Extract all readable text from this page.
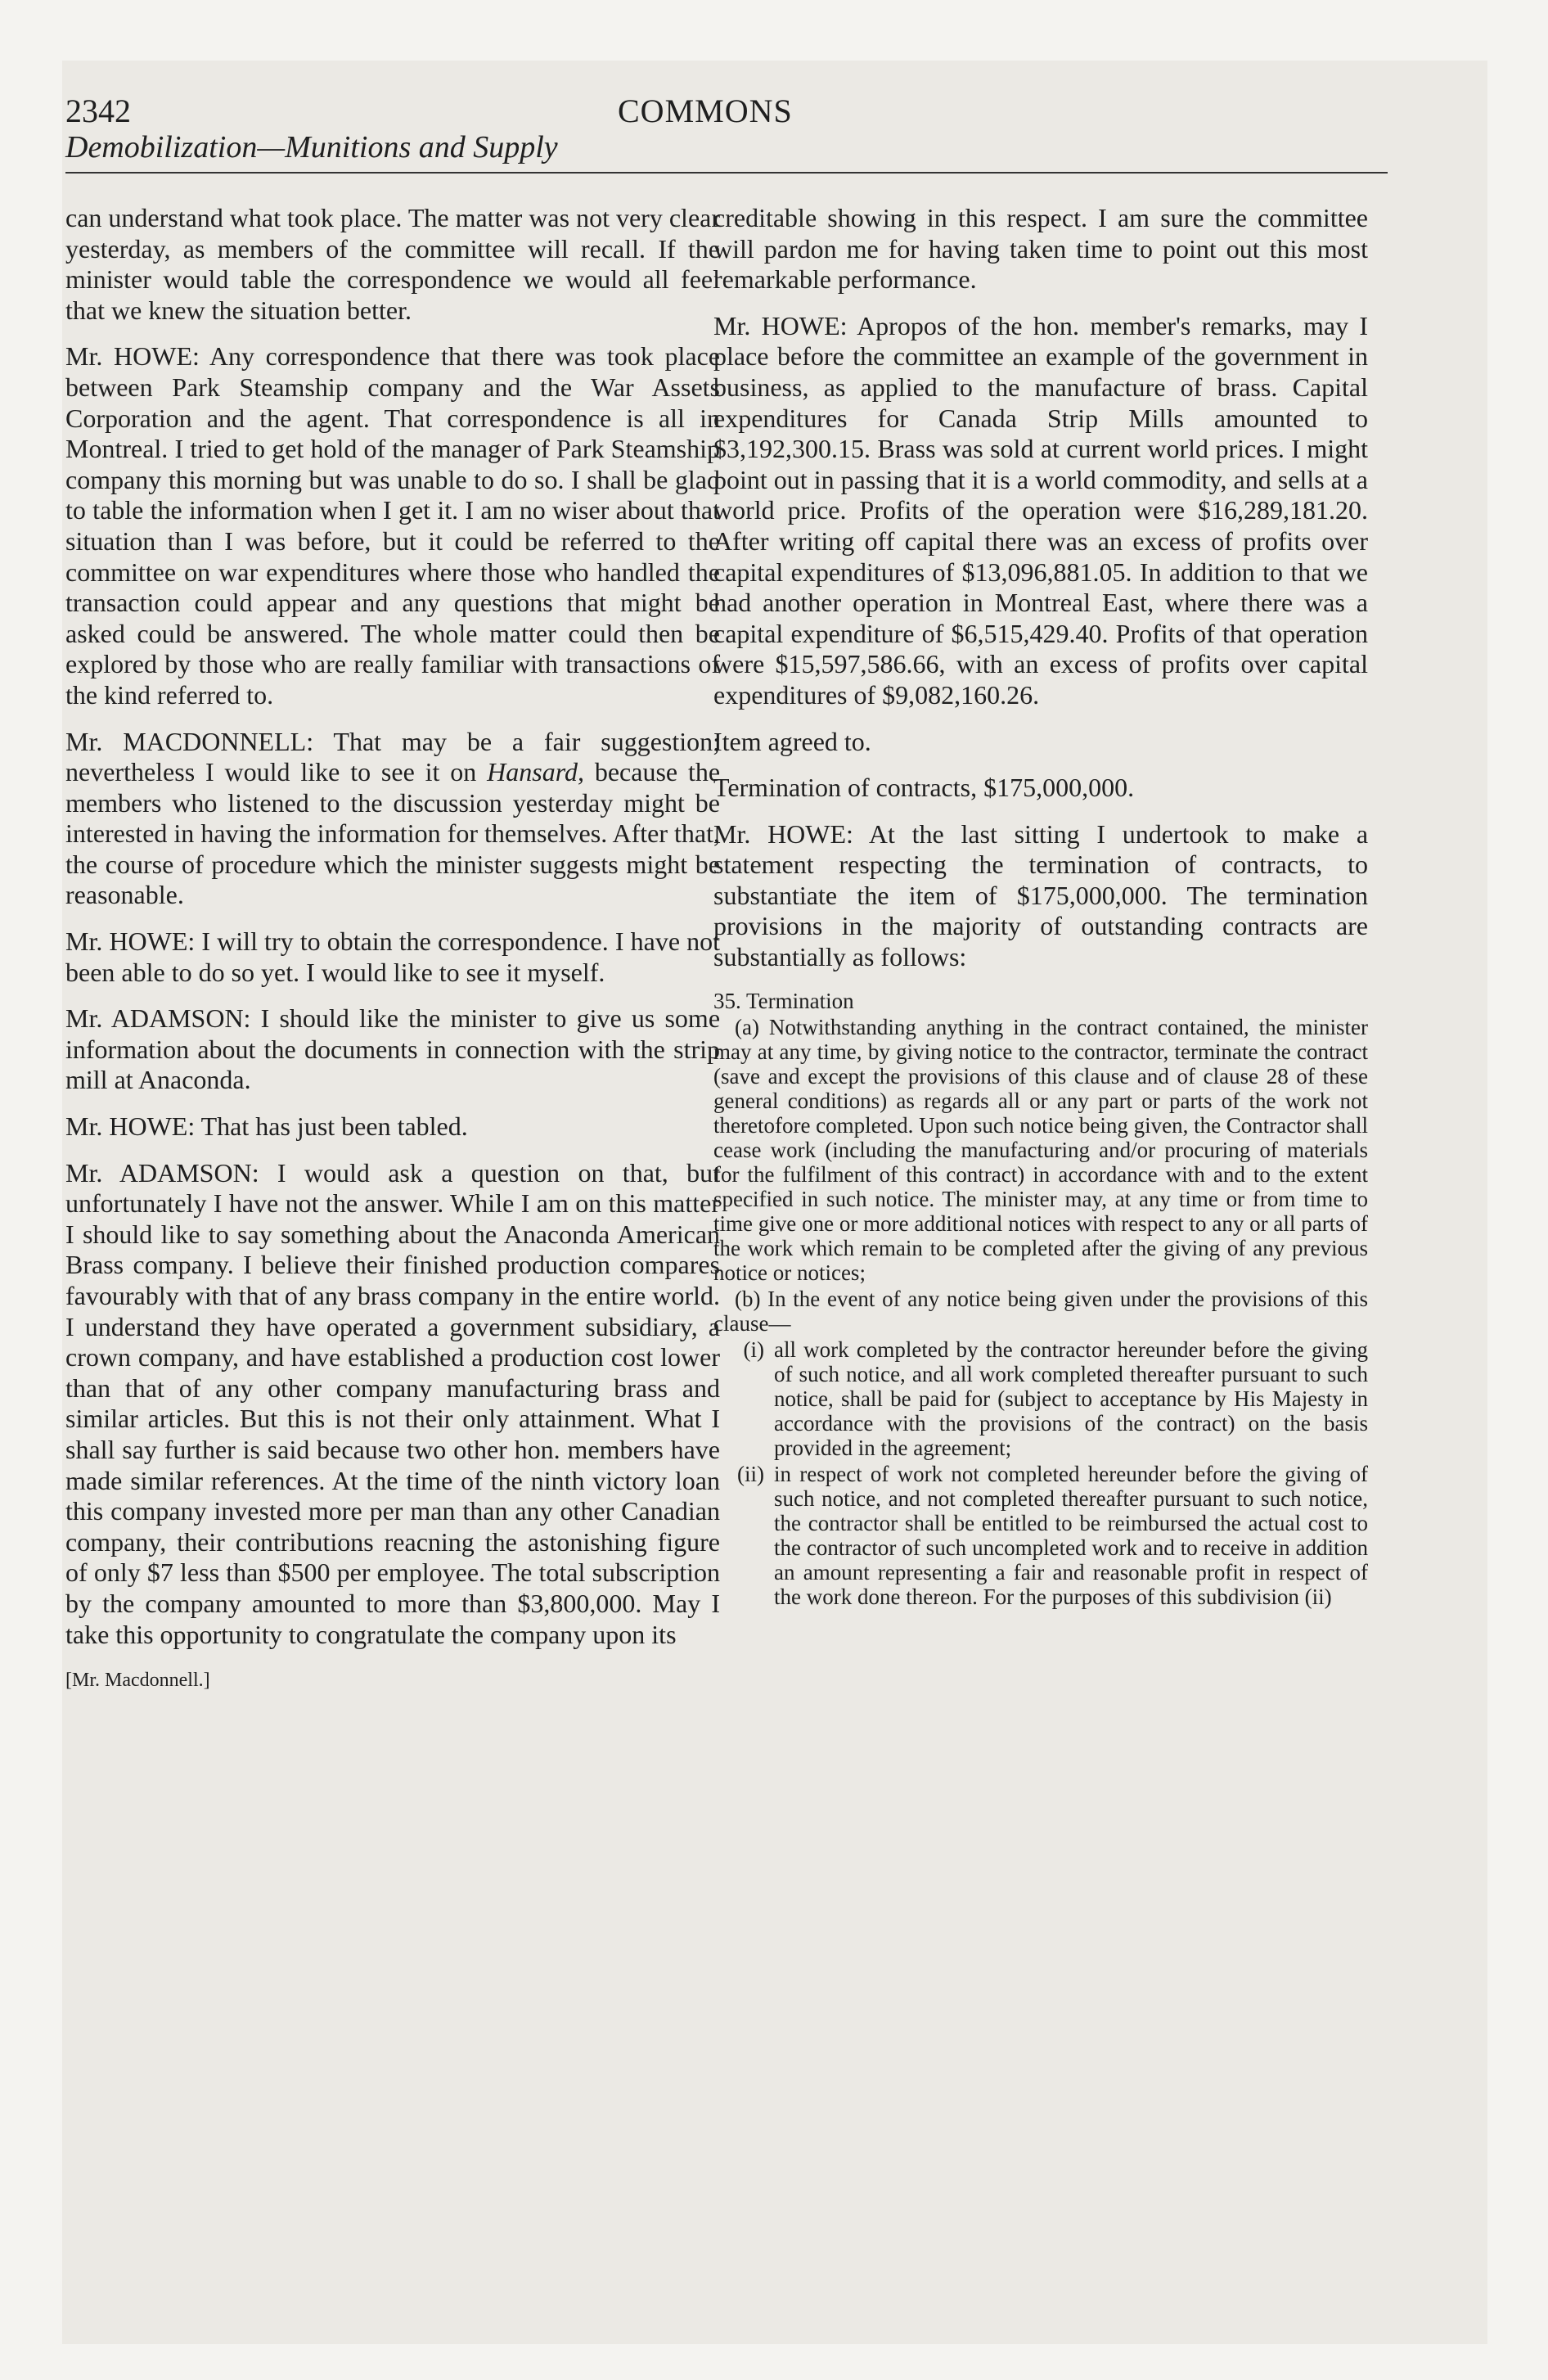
2342	COMMONS
Demobilization—Munitions and Supply

can understand what took place. The matter was not very clear yesterday, as members of the committee will recall. If the minister would table the correspondence we would all feel that we knew the situation better.

Mr. HOWE: Any correspondence that there was took place between Park Steamship company and the War Assets Corporation and the agent. That correspondence is all in Montreal. I tried to get hold of the manager of Park Steamship company this morning but was unable to do so. I shall be glad to table the information when I get it. I am no wiser about that situation than I was before, but it could be referred to the committee on war expenditures where those who handled the transaction could appear and any questions that might be asked could be answered. The whole matter could then be explored by those who are really familiar with transactions of the kind referred to.

Mr. MACDONNELL: That may be a fair suggestion; nevertheless I would like to see it on Hansard, because the members who listened to the discussion yesterday might be interested in having the information for themselves. After that, the course of procedure which the minister suggests might be reasonable.

Mr. HOWE: I will try to obtain the correspondence. I have not been able to do so yet. I would like to see it myself.

Mr. ADAMSON: I should like the minister to give us some information about the documents in connection with the strip mill at Anaconda.

Mr. HOWE: That has just been tabled.

Mr. ADAMSON: I would ask a question on that, but unfortunately I have not the answer. While I am on this matter I should like to say something about the Anaconda American Brass company. I believe their finished production compares favourably with that of any brass company in the entire world. I understand they have operated a government subsidiary, a crown company, and have established a production cost lower than that of any other company manufacturing brass and similar articles. But this is not their only attainment. What I shall say further is said because two other hon. members have made similar references. At the time of the ninth victory loan this company invested more per man than any other Canadian company, their contributions reacning the astonishing figure of only $7 less than $500 per employee. The total subscription by the company amounted to more than $3,800,000. May I take this opportunity to congratulate the company upon its

[Mr. Macdonnell.]

creditable showing in this respect. I am sure the committee will pardon me for having taken time to point out this most remarkable performance.

Mr. HOWE: Apropos of the hon. member's remarks, may I place before the committee an example of the government in business, as applied to the manufacture of brass. Capital expenditures for Canada Strip Mills amounted to $3,192,300.15. Brass was sold at current world prices. I might point out in passing that it is a world commodity, and sells at a world price. Profits of the operation were $16,289,181.20. After writing off capital there was an excess of profits over capital expenditures of $13,096,881.05. In addition to that we had another operation in Montreal East, where there was a capital expenditure of $6,515,429.40. Profits of that operation were $15,597,586.66, with an excess of profits over capital expenditures of $9,082,160.26.

Item agreed to.

Termination of contracts, $175,000,000.

Mr. HOWE: At the last sitting I undertook to make a statement respecting the termination of contracts, to substantiate the item of $175,000,000. The termination provisions in the majority of outstanding contracts are substantially as follows:

35. Termination
(a) Notwithstanding anything in the contract contained, the minister may at any time, by giving notice to the contractor, terminate the contract (save and except the provisions of this clause and of clause 28 of these general conditions) as regards all or any part or parts of the work not theretofore completed. Upon such notice being given, the Contractor shall cease work (including the manufacturing and/or procuring of materials for the fulfilment of this contract) in accordance with and to the extent specified in such notice. The minister may, at any time or from time to time give one or more additional notices with respect to any or all parts of the work which remain to be completed after the giving of any previous notice or notices;
(b) In the event of any notice being given under the provisions of this clause—
(i) all work completed by the contractor hereunder before the giving of such notice, and all work completed thereafter pursuant to such notice, shall be paid for (subject to acceptance by His Majesty in accordance with the provisions of the contract) on the basis provided in the agreement;
(ii) in respect of work not completed hereunder before the giving of such notice, and not completed thereafter pursuant to such notice, the contractor shall be entitled to be reimbursed the actual cost to the contractor of such uncompleted work and to receive in addition an amount representing a fair and reasonable profit in respect of the work done thereon. For the purposes of this subdivision (ii)
